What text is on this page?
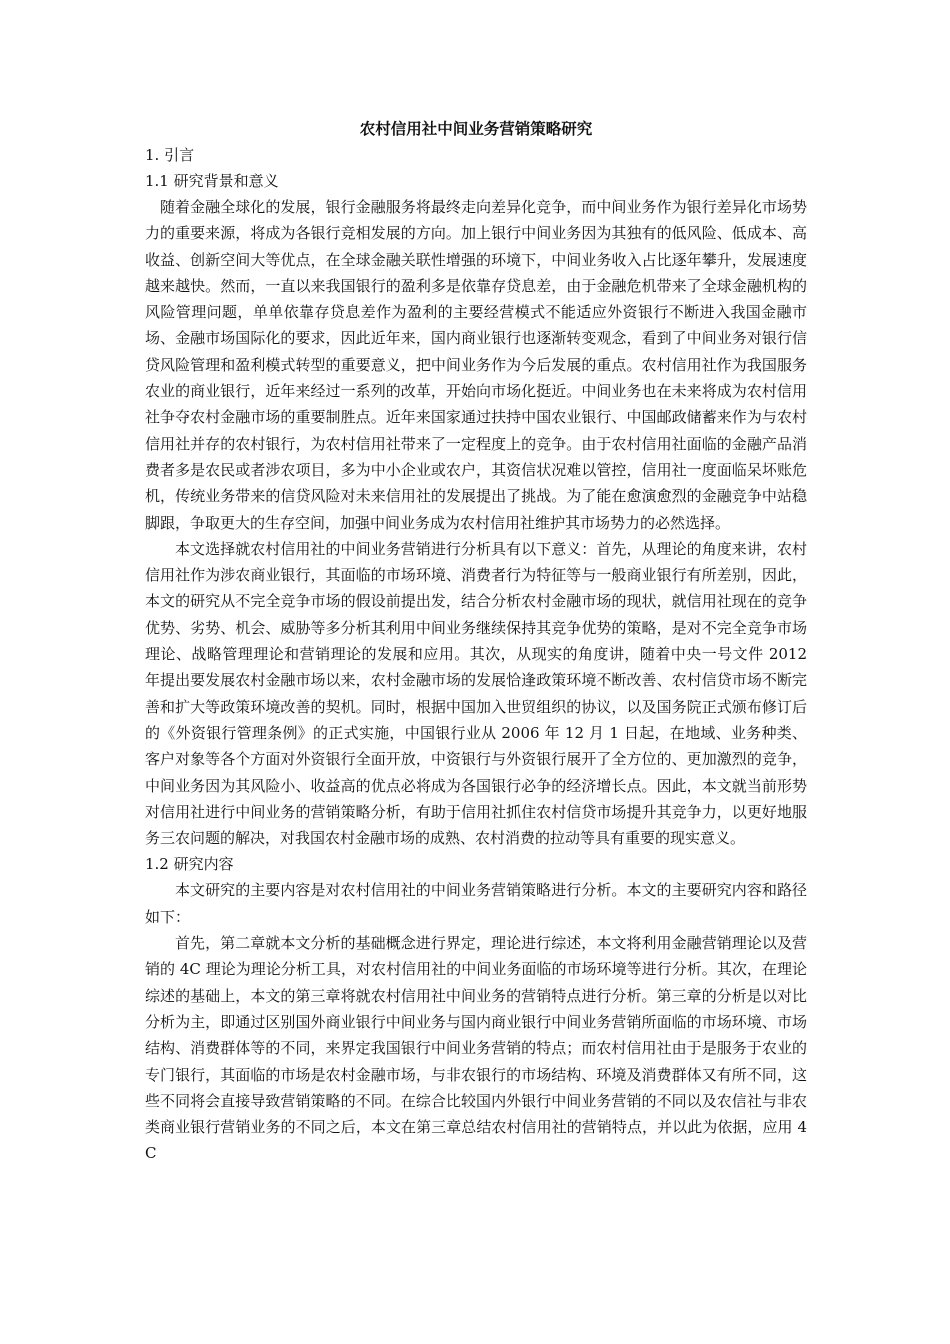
农村信用社中间业务营销策略研究

1. 引言

1.1 研究背景和意义

随着金融全球化的发展，银行金融服务将最终走向差异化竞争，而中间业务作为银行差异化市场势力的重要来源，将成为各银行竞相发展的方向。加上银行中间业务因为其独有的低风险、低成本、高收益、创新空间大等优点，在全球金融关联性增强的环境下，中间业务收入占比逐年攀升，发展速度越来越快。然而，一直以来我国银行的盈利多是依靠存贷息差，由于金融危机带来了全球金融机构的风险管理问题，单单依靠存贷息差作为盈利的主要经营模式不能适应外资银行不断进入我国金融市场、金融市场国际化的要求，因此近年来，国内商业银行也逐渐转变观念，看到了中间业务对银行信贷风险管理和盈利模式转型的重要意义，把中间业务作为今后发展的重点。农村信用社作为我国服务农业的商业银行，近年来经过一系列的改革，开始向市场化挺近。中间业务也在未来将成为农村信用社争夺农村金融市场的重要制胜点。近年来国家通过扶持中国农业银行、中国邮政储蓄来作为与农村信用社并存的农村银行，为农村信用社带来了一定程度上的竞争。由于农村信用社面临的金融产品消费者多是农民或者涉农项目，多为中小企业或农户，其资信状况难以管控，信用社一度面临呆坏账危机，传统业务带来的信贷风险对未来信用社的发展提出了挑战。为了能在愈演愈烈的金融竞争中站稳脚跟，争取更大的生存空间，加强中间业务成为农村信用社维护其市场势力的必然选择。

本文选择就农村信用社的中间业务营销进行分析具有以下意义：首先，从理论的角度来讲，农村信用社作为涉农商业银行，其面临的市场环境、消费者行为特征等与一般商业银行有所差别，因此，本文的研究从不完全竞争市场的假设前提出发，结合分析农村金融市场的现状，就信用社现在的竞争优势、劣势、机会、威胁等多分析其利用中间业务继续保持其竞争优势的策略，是对不完全竞争市场理论、战略管理理论和营销理论的发展和应用。其次，从现实的角度讲，随着中央一号文件 2012 年提出要发展农村金融市场以来，农村金融市场的发展恰逢政策环境不断改善、农村信贷市场不断完善和扩大等政策环境改善的契机。同时，根据中国加入世贸组织的协议，以及国务院正式颁布修订后的《外资银行管理条例》的正式实施，中国银行业从 2006 年 12 月 1 日起，在地域、业务种类、客户对象等各个方面对外资银行全面开放，中资银行与外资银行展开了全方位的、更加激烈的竞争，中间业务因为其风险小、收益高的优点必将成为各国银行必争的经济增长点。因此，本文就当前形势对信用社进行中间业务的营销策略分析，有助于信用社抓住农村信贷市场提升其竞争力，以更好地服务三农问题的解决，对我国农村金融市场的成熟、农村消费的拉动等具有重要的现实意义。

1.2 研究内容

本文研究的主要内容是对农村信用社的中间业务营销策略进行分析。本文的主要研究内容和路径如下：

首先，第二章就本文分析的基础概念进行界定，理论进行综述，本文将利用金融营销理论以及营销的 4C 理论为理论分析工具，对农村信用社的中间业务面临的市场环境等进行分析。其次，在理论综述的基础上，本文的第三章将就农村信用社中间业务的营销特点进行分析。第三章的分析是以对比分析为主，即通过区别国外商业银行中间业务与国内商业银行中间业务营销所面临的市场环境、市场结构、消费群体等的不同，来界定我国银行中间业务营销的特点；而农村信用社由于是服务于农业的专门银行，其面临的市场是农村金融市场，与非农银行的市场结构、环境及消费群体又有所不同，这些不同将会直接导致营销策略的不同。在综合比较国内外银行中间业务营销的不同以及农信社与非农类商业银行营销业务的不同之后，本文在第三章总结农村信用社的营销特点，并以此为依据，应用 4C
